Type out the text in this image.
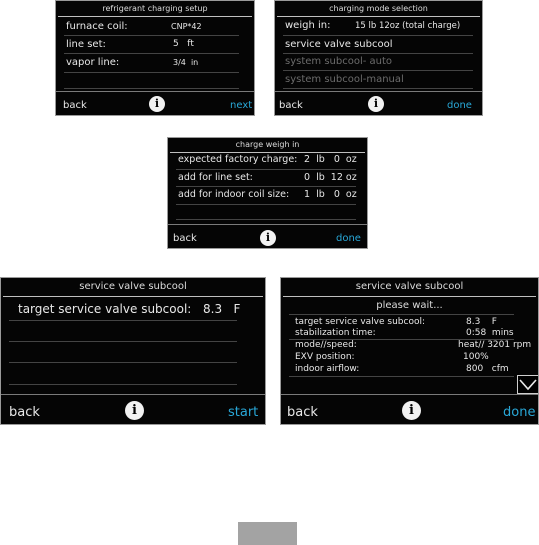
refrigerant charging setup
furnace coil:	CNP*42
line set:	5   ft
vapor line:	3/4  in
back	i	next
charging mode selection
weigh in:	15 lb 12oz (total charge)
service valve subcool
system subcool- auto
system subcool-manual
back	i	done
charge weigh in
expected factory charge: 2  lb   0  oz
add for line set:	0  lb  12 oz
add for indoor coil size: 1  lb   0  oz
back	i	done
service valve subcool
target service valve subcool: 8.3   F
back	i	start
service valve subcool
please wait...
target service valve subcool:	8.3    F
stabilization time:	0:58  mins
mode//speed:	heat// 3201 rpm
EXV position:	100%
indoor airflow:	800   cfm
back	i	done
